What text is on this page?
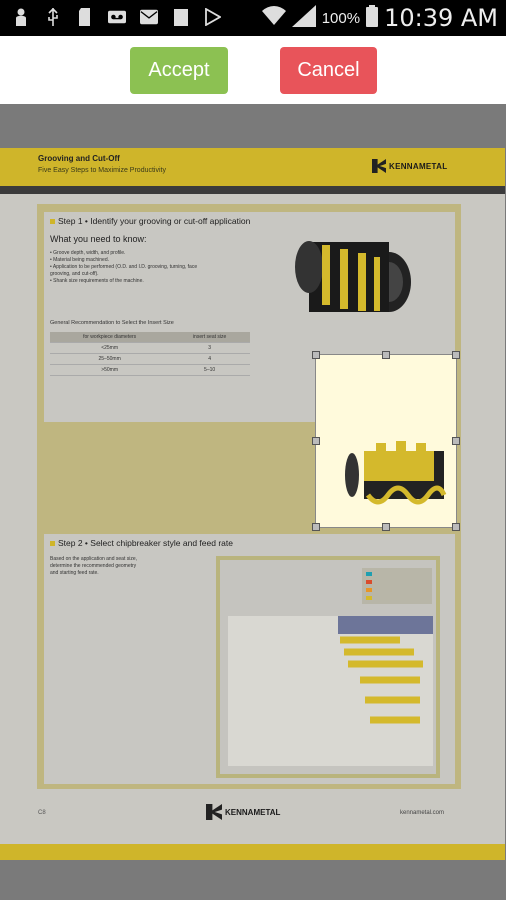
100% 10:39 AM
Accept	Cancel
Grooving and Cut-Off
Five Easy Steps to Maximize Productivity	KENNAMETAL
Step 1 • Identify your grooving or cut-off application
What you need to know:
• Groove depth, width, and profile.
• Material being machined.
• Application to be performed (O.D. and I.D. grooving, turning, face grooving, and cut-off).
• Shank size requirements of the machine.
General Recommendation to Select the Insert Size
for workpiece diameters	insert seat size
<25mm	3
25–50mm	4
>50mm	5–10
Step 2 • Select chipbreaker style and feed rate
Based on the application and seat size, determine the recommended geometry and starting feed rate.
C8	KENNAMETAL	kennametal.com
